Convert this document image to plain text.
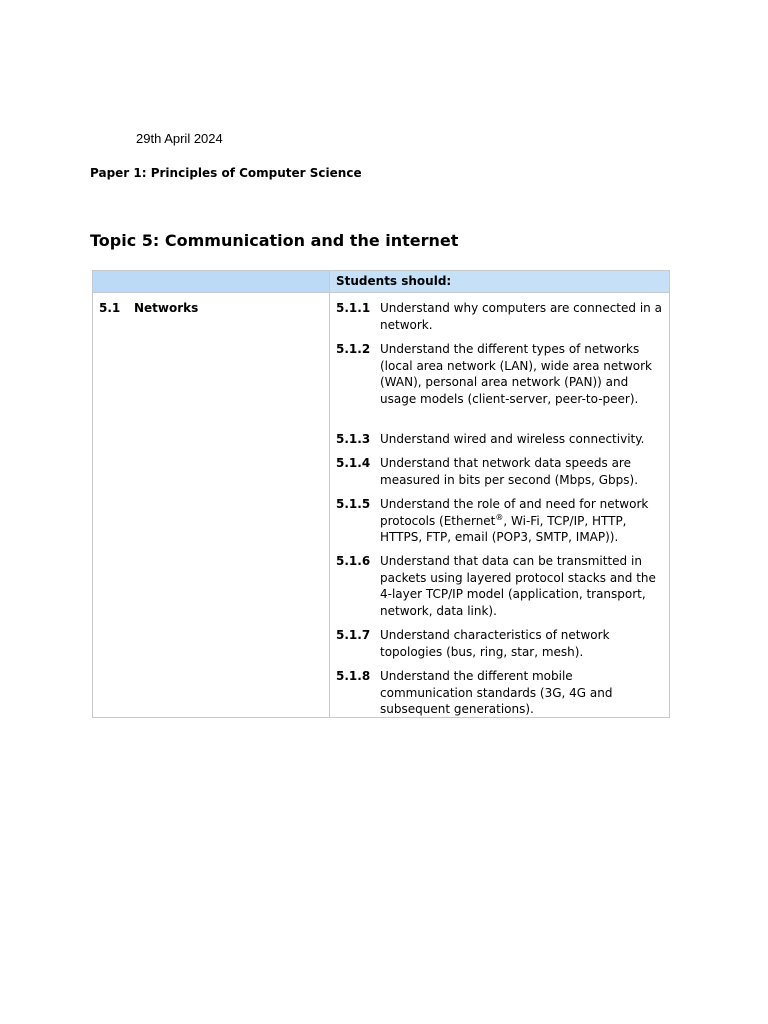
29th April 2024
Paper 1: Principles of Computer Science
Topic 5: Communication and the internet
Students should:
5.1 Networks	5.1.1 Understand why computers are connected in a network.
5.1.2 Understand the different types of networks (local area network (LAN), wide area network (WAN), personal area network (PAN)) and usage models (client-server, peer-to-peer).
5.1.3 Understand wired and wireless connectivity.
5.1.4 Understand that network data speeds are measured in bits per second (Mbps, Gbps).
5.1.5 Understand the role of and need for network protocols (Ethernet®, Wi-Fi, TCP/IP, HTTP, HTTPS, FTP, email (POP3, SMTP, IMAP)).
5.1.6 Understand that data can be transmitted in packets using layered protocol stacks and the 4-layer TCP/IP model (application, transport, network, data link).
5.1.7 Understand characteristics of network topologies (bus, ring, star, mesh).
5.1.8 Understand the different mobile communication standards (3G, 4G and subsequent generations).
